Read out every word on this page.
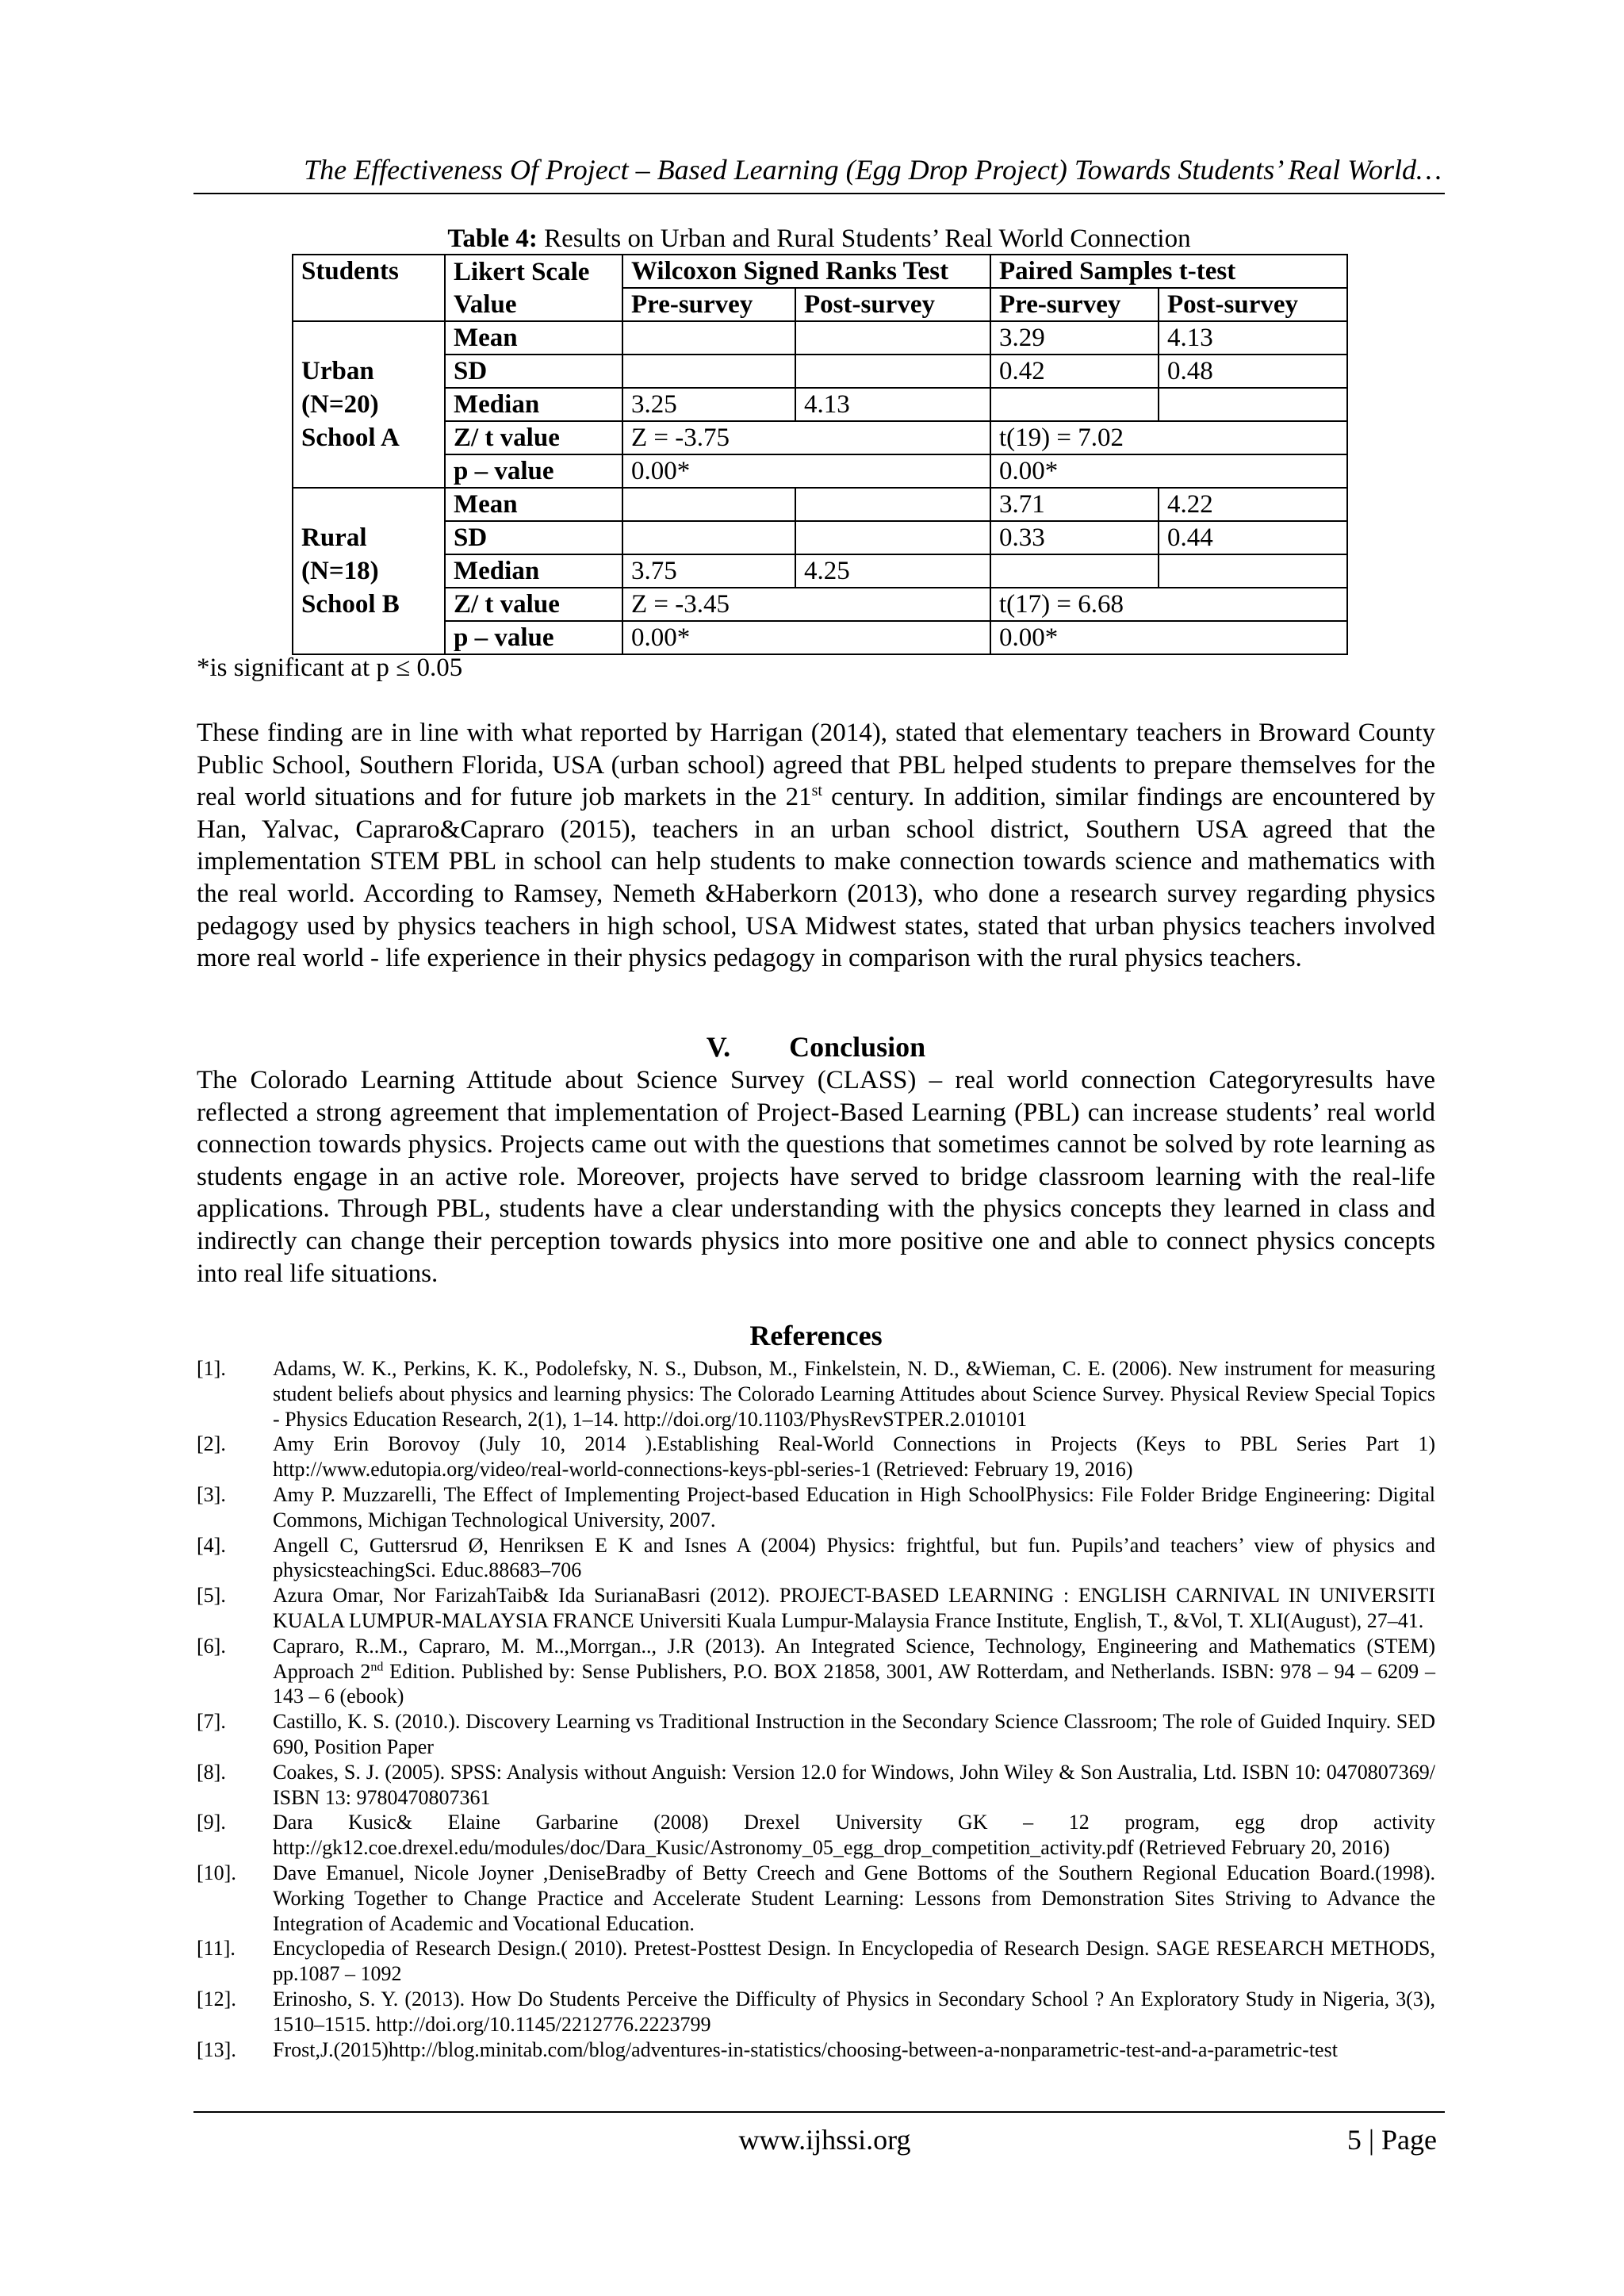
The Effectiveness Of Project – Based Learning (Egg Drop Project) Towards Students’ Real World…
Table 4: Results on Urban and Rural Students’ Real World Connection
Students	Likert Scale	Wilcoxon Signed Ranks Test		Paired Samples t-test	
	Value	Pre-survey	Post-survey	Pre-survey	Post-survey

Urban
(N=20)
School A	Mean			3.29	4.13
	SD			0.42	0.48
	Median	3.25	4.13		
	Z/ t value	Z = -3.75		t(19) = 7.02	
	p – value	0.00*		0.00*	

Rural
(N=18)
School B	Mean			3.71	4.22
	SD			0.33	0.44
	Median	3.75	4.25		
	Z/ t value	Z = -3.45		t(17) = 6.68	
	p – value	0.00*		0.00*	
*is significant at p ≤ 0.05
These finding are in line with what reported by Harrigan (2014), stated that elementary teachers in Broward County Public School, Southern Florida, USA (urban school) agreed that PBL helped students to prepare themselves for the real world situations and for future job markets in the 21st century. In addition, similar findings are encountered by Han, Yalvac, Capraro&Capraro (2015), teachers in an urban school district, Southern USA agreed that the implementation STEM PBL in school can help students to make connection towards science and mathematics with the real world. According to Ramsey, Nemeth &Haberkorn (2013), who done a research survey regarding physics pedagogy used by physics teachers in high school, USA Midwest states, stated that urban physics teachers involved more real world - life experience in their physics pedagogy in comparison with the rural physics teachers.
V. Conclusion
The Colorado Learning Attitude about Science Survey (CLASS) – real world connection Categoryresults have reflected a strong agreement that implementation of Project-Based Learning (PBL) can increase students’ real world connection towards physics. Projects came out with the questions that sometimes cannot be solved by rote learning as students engage in an active role. Moreover, projects have served to bridge classroom learning with the real-life applications. Through PBL, students have a clear understanding with the physics concepts they learned in class and indirectly can change their perception towards physics into more positive one and able to connect physics concepts into real life situations.
References
[1]. Adams, W. K., Perkins, K. K., Podolefsky, N. S., Dubson, M., Finkelstein, N. D., &Wieman, C. E. (2006). New instrument for measuring student beliefs about physics and learning physics: The Colorado Learning Attitudes about Science Survey. Physical Review Special Topics - Physics Education Research, 2(1), 1–14. http://doi.org/10.1103/PhysRevSTPER.2.010101
[2]. Amy Erin Borovoy (July 10, 2014 ).Establishing Real-World Connections in Projects (Keys to PBL Series Part 1) http://www.edutopia.org/video/real-world-connections-keys-pbl-series-1 (Retrieved: February 19, 2016)
[3]. Amy P. Muzzarelli, The Effect of Implementing Project-based Education in High SchoolPhysics: File Folder Bridge Engineering: Digital Commons, Michigan Technological University, 2007.
[4]. Angell C, Guttersrud Ø, Henriksen E K and Isnes A (2004) Physics: frightful, but fun. Pupils’and teachers’ view of physics and physicsteachingSci. Educ.88683–706
[5]. Azura Omar, Nor FarizahTaib& Ida SurianaBasri (2012). PROJECT-BASED LEARNING : ENGLISH CARNIVAL IN UNIVERSITI KUALA LUMPUR-MALAYSIA FRANCE Universiti Kuala Lumpur-Malaysia France Institute, English, T., &Vol, T. XLI(August), 27–41.
[6]. Capraro, R..M., Capraro, M. M..,Morrgan.., J.R (2013). An Integrated Science, Technology, Engineering and Mathematics (STEM) Approach 2nd Edition. Published by: Sense Publishers, P.O. BOX 21858, 3001, AW Rotterdam, and Netherlands. ISBN: 978 – 94 – 6209 – 143 – 6 (ebook)
[7]. Castillo, K. S. (2010.). Discovery Learning vs Traditional Instruction in the Secondary Science Classroom; The role of Guided Inquiry. SED 690, Position Paper
[8]. Coakes, S. J. (2005). SPSS: Analysis without Anguish: Version 12.0 for Windows, John Wiley & Son Australia, Ltd. ISBN 10: 0470807369/ ISBN 13: 9780470807361
[9]. Dara Kusic& Elaine Garbarine (2008) Drexel University GK – 12 program, egg drop activity http://gk12.coe.drexel.edu/modules/doc/Dara_Kusic/Astronomy_05_egg_drop_competition_activity.pdf (Retrieved February 20, 2016)
[10]. Dave Emanuel, Nicole Joyner ,DeniseBradby of Betty Creech and Gene Bottoms of the Southern Regional Education Board.(1998). Working Together to Change Practice and Accelerate Student Learning: Lessons from Demonstration Sites Striving to Advance the Integration of Academic and Vocational Education.
[11]. Encyclopedia of Research Design.( 2010). Pretest-Posttest Design. In Encyclopedia of Research Design. SAGE RESEARCH METHODS, pp.1087 – 1092
[12]. Erinosho, S. Y. (2013). How Do Students Perceive the Difficulty of Physics in Secondary School ? An Exploratory Study in Nigeria, 3(3), 1510–1515. http://doi.org/10.1145/2212776.2223799
[13]. Frost,J.(2015)http://blog.minitab.com/blog/adventures-in-statistics/choosing-between-a-nonparametric-test-and-a-parametric-test
www.ijhssi.org	5 | Page
